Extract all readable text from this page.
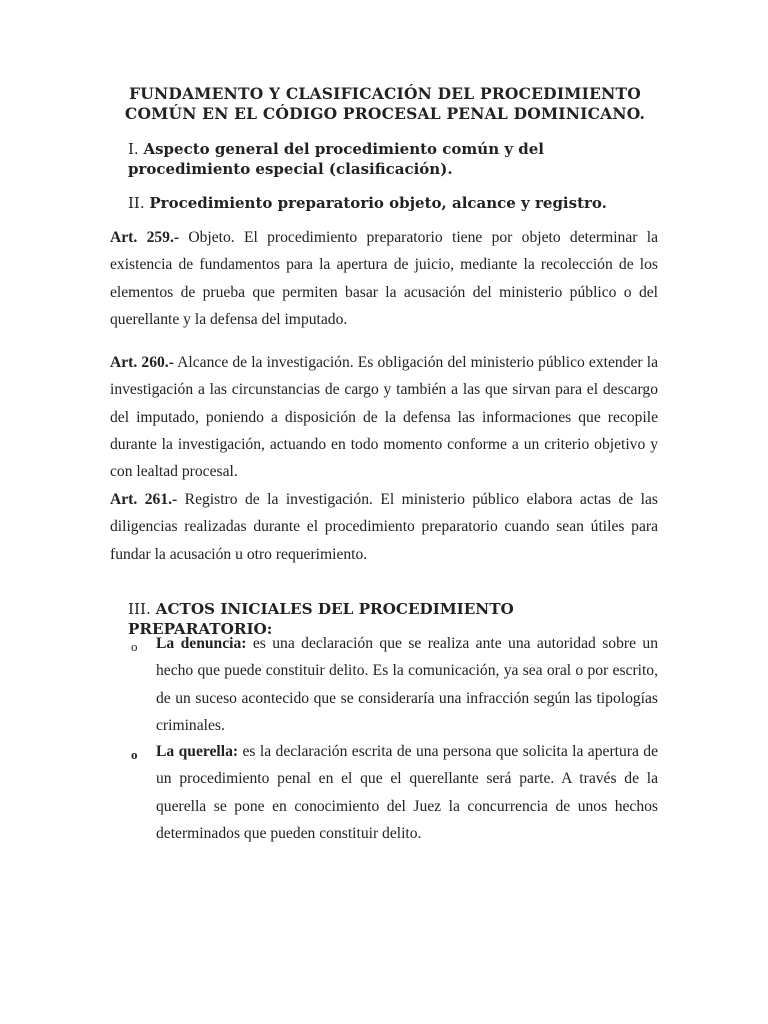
FUNDAMENTO Y CLASIFICACIÓN DEL PROCEDIMIENTO
COMÚN EN EL CÓDIGO PROCESAL PENAL DOMINICANO.
I. Aspecto general del procedimiento común y del procedimiento especial (clasificación).
II. Procedimiento preparatorio objeto, alcance y registro.
Art. 259.- Objeto. El procedimiento preparatorio tiene por objeto determinar la existencia de fundamentos para la apertura de juicio, mediante la recolección de los elementos de prueba que permiten basar la acusación del ministerio público o del querellante y la defensa del imputado.
Art. 260.- Alcance de la investigación. Es obligación del ministerio público extender la investigación a las circunstancias de cargo y también a las que sirvan para el descargo del imputado, poniendo a disposición de la defensa las informaciones que recopile durante la investigación, actuando en todo momento conforme a un criterio objetivo y con lealtad procesal.
Art. 261.- Registro de la investigación. El ministerio público elabora actas de las diligencias realizadas durante el procedimiento preparatorio cuando sean útiles para fundar la acusación u otro requerimiento.
III. ACTOS INICIALES DEL PROCEDIMIENTO PREPARATORIO:
o La denuncia: es una declaración que se realiza ante una autoridad sobre un hecho que puede constituir delito. Es la comunicación, ya sea oral o por escrito, de un suceso acontecido que se consideraría una infracción según las tipologías criminales.
o La querella: es la declaración escrita de una persona que solicita la apertura de un procedimiento penal en el que el querellante será parte. A través de la querella se pone en conocimiento del Juez la concurrencia de unos hechos determinados que pueden constituir delito.
